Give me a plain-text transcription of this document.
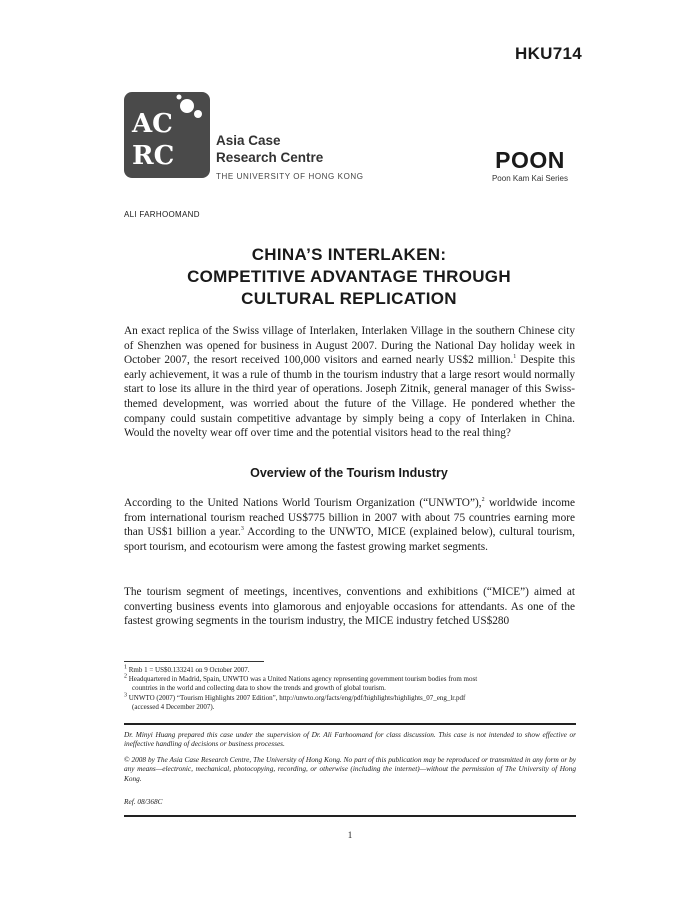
HKU714
AC
RC
Asia Case
Research Centre
THE UNIVERSITY OF HONG KONG
POON
Poon Kam Kai Series
ALI FARHOOMAND
CHINA’S INTERLAKEN:
COMPETITIVE ADVANTAGE THROUGH
CULTURAL REPLICATION

An exact replica of the Swiss village of Interlaken, Interlaken Village in the southern Chinese city of Shenzhen was opened for business in August 2007. During the National Day holiday week in October 2007, the resort received 100,000 visitors and earned nearly US$2 million.$^1$ Despite this early achievement, it was a rule of thumb in the tourism industry that a large resort would normally start to lose its allure in the third year of operations. Joseph Zitnik, general manager of this Swiss-themed development, was worried about the future of the Village. He pondered whether the company could sustain competitive advantage by simply being a copy of Interlaken in China. Would the novelty wear off over time and the potential visitors head to the real thing?

Overview of the Tourism Industry

According to the United Nations World Tourism Organization (“UNWTO”),$^2$ worldwide income from international tourism reached US$775 billion in 2007 with about 75 countries earning more than US$1 billion a year.$^3$ According to the UNWTO, MICE (explained below), cultural tourism, sport tourism, and ecotourism were among the fastest growing market segments.

The tourism segment of meetings, incentives, conventions and exhibitions (“MICE”) aimed at converting business events into glamorous and enjoyable occasions for attendants. As one of the fastest growing segments in the tourism industry, the MICE industry fetched US$280

$^1$ Rmb 1 = US$0.133241 on 9 October 2007.

$^2$ Headquartered in Madrid, Spain, UNWTO was a United Nations agency representing government tourism bodies from most

countries in the world and collecting data to show the trends and growth of global tourism.

$^3$ UNWTO (2007) “Tourism Highlights 2007 Edition”, http://unwto.org/facts/eng/pdf/highlights/highlights_07_eng_lr.pdf

(accessed 4 December 2007).

Dr. Minyi Huang prepared this case under the supervision of Dr. Ali Farhoomand for class discussion. This case is not intended to show effective or ineffective handling of decisions or business processes.

© 2008 by The Asia Case Research Centre, The University of Hong Kong. No part of this publication may be reproduced or transmitted in any form or by any means—electronic, mechanical, photocopying, recording, or otherwise (including the internet)—without the permission of The University of Hong Kong.

Ref. 08/368C

1
